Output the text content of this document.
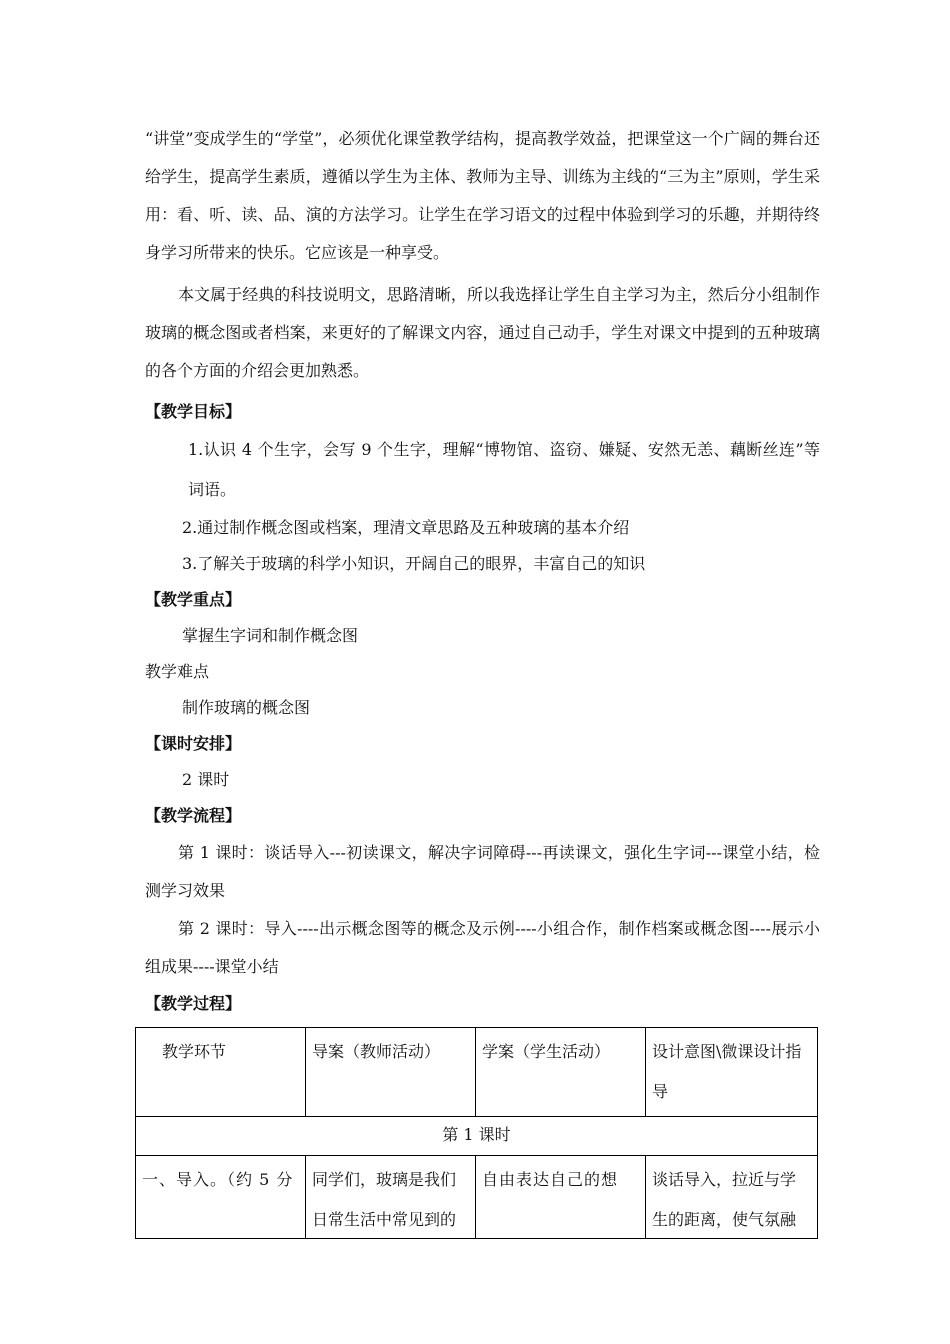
“讲堂”变成学生的“学堂”，必须优化课堂教学结构，提高教学效益，把课堂这一个广阔的舞台还给学生，提高学生素质，遵循以学生为主体、教师为主导、训练为主线的“三为主”原则，学生采用：看、听、读、品、演的方法学习。让学生在学习语文的过程中体验到学习的乐趣，并期待终身学习所带来的快乐。它应该是一种享受。

本文属于经典的科技说明文，思路清晰，所以我选择让学生自主学习为主，然后分小组制作玻璃的概念图或者档案，来更好的了解课文内容，通过自己动手，学生对课文中提到的五种玻璃的各个方面的介绍会更加熟悉。

【教学目标】

1.认识 4 个生字，会写 9 个生字，理解“博物馆、盗窃、嫌疑、安然无恙、藕断丝连”等词语。

2.通过制作概念图或档案，理清文章思路及五种玻璃的基本介绍

3.了解关于玻璃的科学小知识，开阔自己的眼界，丰富自己的知识

【教学重点】

掌握生字词和制作概念图

教学难点

制作玻璃的概念图

【课时安排】

2 课时

【教学流程】

第 1 课时：谈话导入---初读课文，解决字词障碍---再读课文，强化生字词---课堂小结，检测学习效果

第 2 课时：导入----出示概念图等的概念及示例----小组合作，制作档案或概念图----展示小组成果----课堂小结

【教学过程】

教学环节	导案（教师活动）	学案（学生活动）	设计意图\微课设计指导
第 1 课时			

一、导入。（约 5 分	同学们，玻璃是我们日常生活中常见到的	自由表达自己的想	谈话导入，拉近与学生的距离，使气氛融
